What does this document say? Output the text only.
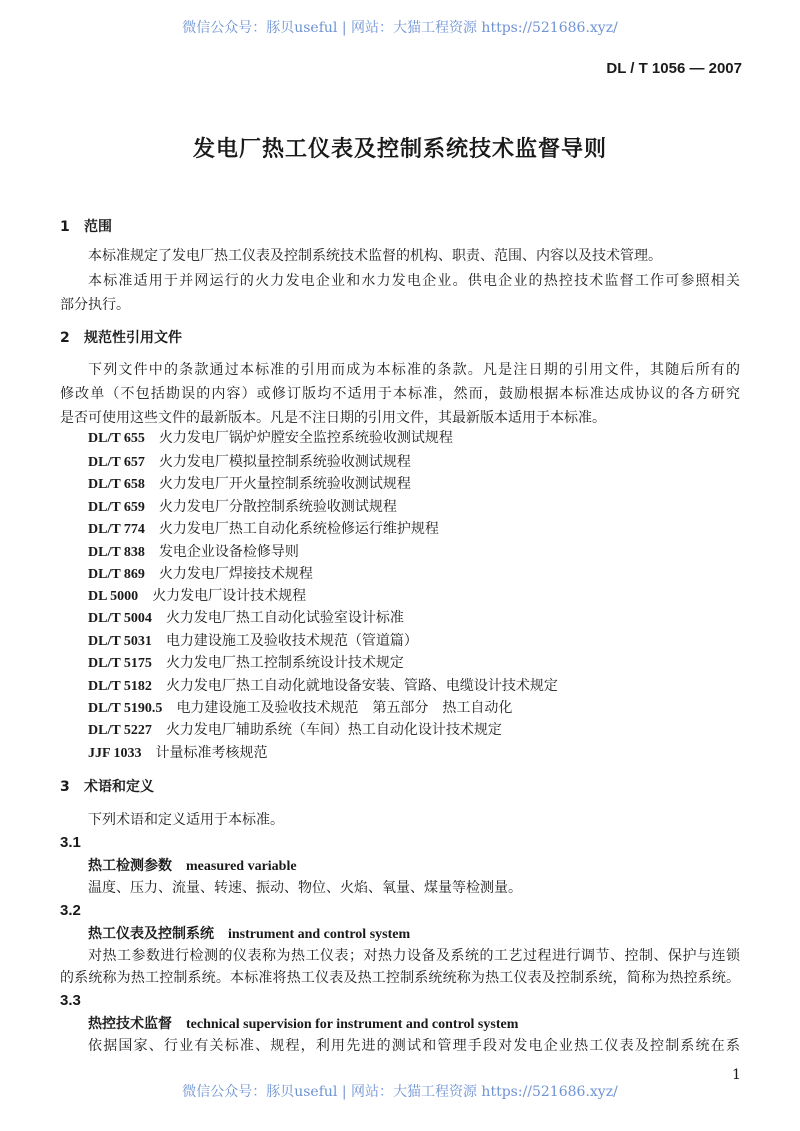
微信公众号：豚贝useful | 网站：大猫工程资源 https://521686.xyz/
DL / T 1056 — 2007
发电厂热工仪表及控制系统技术监督导则
1 范围
本标准规定了发电厂热工仪表及控制系统技术监督的机构、职责、范围、内容以及技术管理。
本标准适用于并网运行的火力发电企业和水力发电企业。供电企业的热控技术监督工作可参照相关
部分执行。
2 规范性引用文件
下列文件中的条款通过本标准的引用而成为本标准的条款。凡是注日期的引用文件，其随后所有的
修改单（不包括勘误的内容）或修订版均不适用于本标准，然而，鼓励根据本标准达成协议的各方研究
是否可使用这些文件的最新版本。凡是不注日期的引用文件，其最新版本适用于本标准。
DL/T 655 火力发电厂锅炉炉膛安全监控系统验收测试规程
DL/T 657 火力发电厂模拟量控制系统验收测试规程
DL/T 658 火力发电厂开火量控制系统验收测试规程
DL/T 659 火力发电厂分散控制系统验收测试规程
DL/T 774 火力发电厂热工自动化系统检修运行维护规程
DL/T 838 发电企业设备检修导则
DL/T 869 火力发电厂焊接技术规程
DL 5000 火力发电厂设计技术规程
DL/T 5004 火力发电厂热工自动化试验室设计标准
DL/T 5031 电力建设施工及验收技术规范（管道篇）
DL/T 5175 火力发电厂热工控制系统设计技术规定
DL/T 5182 火力发电厂热工自动化就地设备安装、管路、电缆设计技术规定
DL/T 5190.5 电力建设施工及验收技术规范　第五部分　热工自动化
DL/T 5227 火力发电厂辅助系统（车间）热工自动化设计技术规定
JJF 1033 计量标准考核规范
3 术语和定义
下列术语和定义适用于本标准。
3.1
热工检测参数 measured variable
温度、压力、流量、转速、振动、物位、火焰、氧量、煤量等检测量。
3.2
热工仪表及控制系统 instrument and control system
对热工参数进行检测的仪表称为热工仪表；对热力设备及系统的工艺过程进行调节、控制、保护与连锁
的系统称为热工控制系统。本标准将热工仪表及热工控制系统统称为热工仪表及控制系统，简称为热控系统。
3.3
热控技术监督 technical supervision for instrument and control system
依据国家、行业有关标准、规程，利用先进的测试和管理手段对发电企业热工仪表及控制系统在系
1
微信公众号：豚贝useful | 网站：大猫工程资源 https://521686.xyz/
